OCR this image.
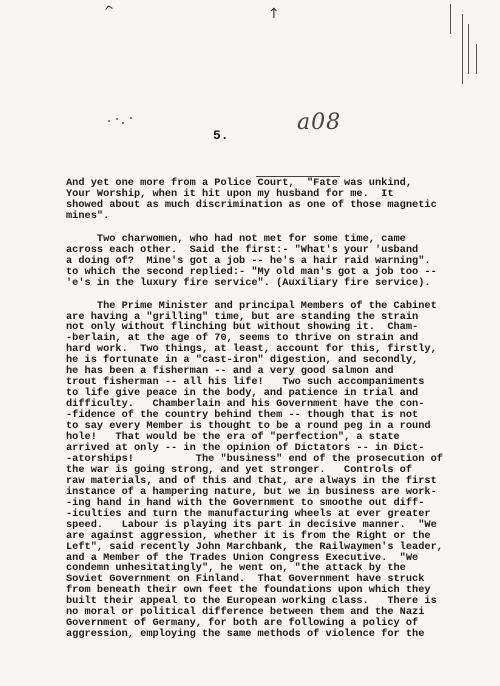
^	↑
a08
5.

And yet one more from a Police Court,  "Fate was unkind,
Your Worship, when it hit upon my husband for me.  It
showed about as much discrimination as one of those magnetic
mines".

Two charwomen, who had not met for some time, came
across each other.  Said the first:- "What's your 'usband
a doing of?  Mine's got a job -- he's a hair raid warning".
to which the second replied:- "My old man's got a job too --
'e's in the luxury fire service". (Auxiliary fire service).

The Prime Minister and principal Members of the Cabinet
are having a "grilling" time, but are standing the strain
not only without flinching but without showing it.  Cham-
-berlain, at the age of 70, seems to thrive on strain and
hard work.  Two things, at least, account for this, firstly,
he is fortunate in a "cast-iron" digestion, and secondly,
he has been a fisherman -- and a very good salmon and
trout fisherman -- all his life!   Two such accompaniments
to life give peace in the body, and patience in trial and
difficulty.   Chamberlain and his Government have the con-
-fidence of the country behind them -- though that is not
to say every Member is thought to be a round peg in a round
hole!   That would be the era of "perfection", a state
arrived at only -- in the opinion of Dictators -- in Dict-
-atorships!          The "business" end of the prosecution of
the war is going strong, and yet stronger.   Controls of
raw materials, and of this and that, are always in the first
instance of a hampering nature, but we in business are work-
-ing hand in hand with the Government to smoothe out diff-
-iculties and turn the manufacturing wheels at ever greater
speed.   Labour is playing its part in decisive manner.  "We
are against aggression, whether it is from the Right or the
Left", said recently John Marchbank, the Railwaymen's leader,
and a Member of the Trades Union Congress Executive.  "We
condemn unhesitatingly", he went on, "the attack by the
Soviet Government on Finland.  That Government have struck
from beneath their own feet the foundations upon which they
built their appeal to the European working class.   There is
no moral or political difference between them and the Nazi
Government of Germany, for both are following a policy of
aggression, employing the same methods of violence for the
